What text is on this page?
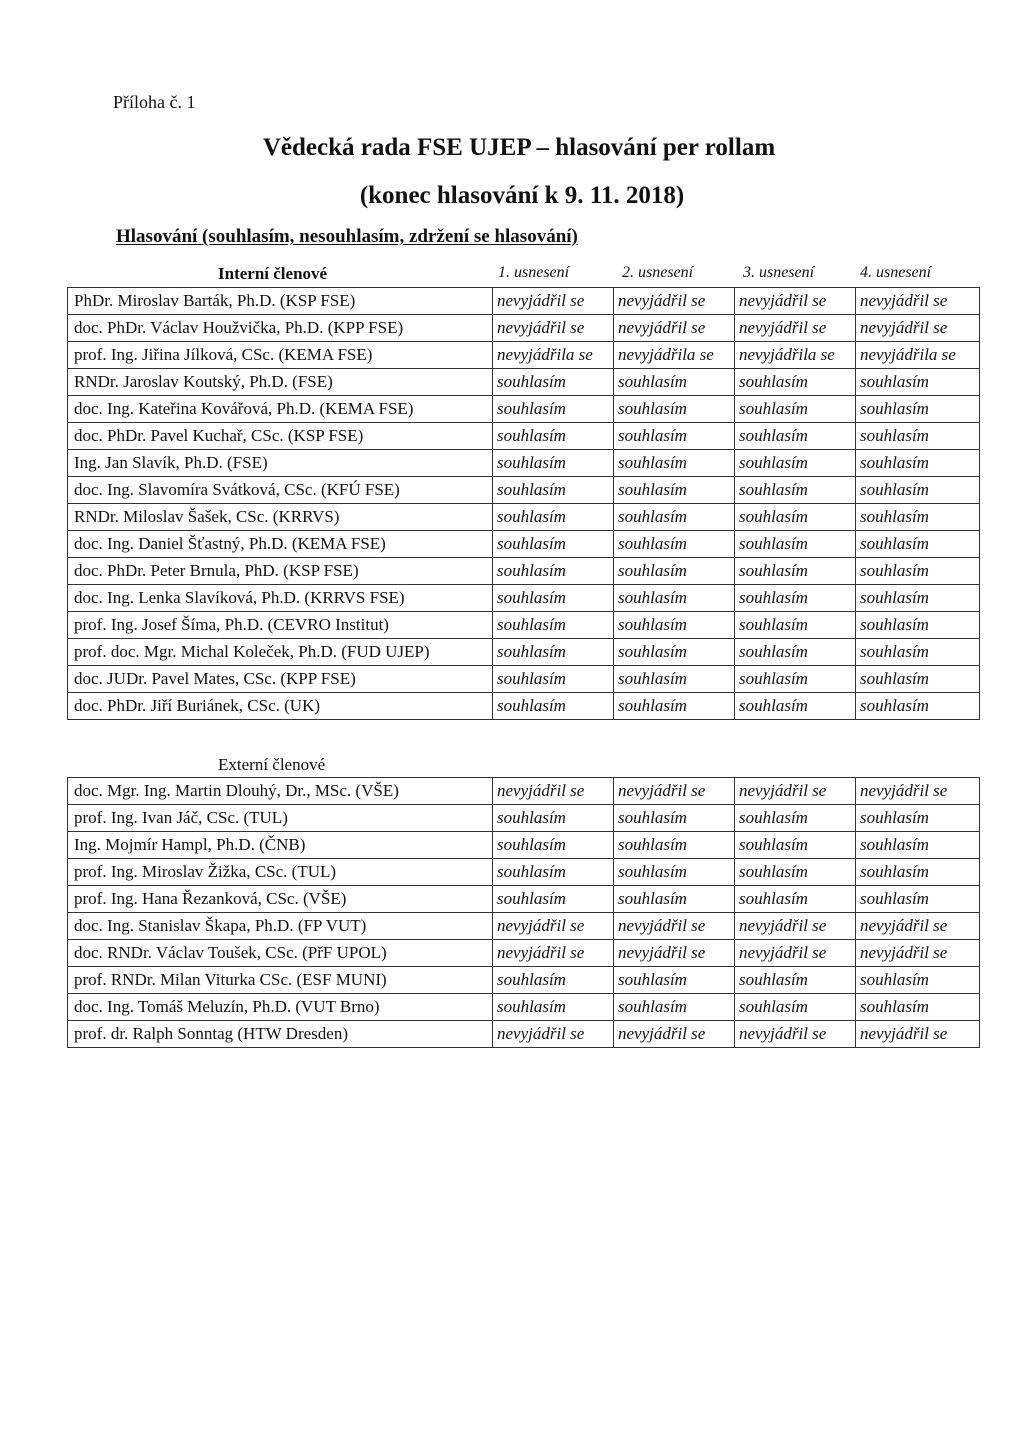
Příloha č. 1
Vědecká rada FSE UJEP – hlasování per rollam
(konec hlasování k 9. 11. 2018)
Hlasování (souhlasím, nesouhlasím, zdržení se hlasování)
Interní členové	1. usnesení	2. usnesení	3. usnesení	4. usnesení
PhDr. Miroslav Barták, Ph.D. (KSP FSE)	nevyjádřil se	nevyjádřil se	nevyjádřil se	nevyjádřil se
doc. PhDr. Václav Houžvička, Ph.D. (KPP FSE)	nevyjádřil se	nevyjádřil se	nevyjádřil se	nevyjádřil se
prof. Ing. Jiřina Jílková, CSc. (KEMA FSE)	nevyjádřila se	nevyjádřila se	nevyjádřila se	nevyjádřila se
RNDr. Jaroslav Koutský, Ph.D. (FSE)	souhlasím	souhlasím	souhlasím	souhlasím
doc. Ing. Kateřina Kovářová, Ph.D. (KEMA FSE)	souhlasím	souhlasím	souhlasím	souhlasím
doc. PhDr. Pavel Kuchař, CSc. (KSP FSE)	souhlasím	souhlasím	souhlasím	souhlasím
Ing. Jan Slavík, Ph.D. (FSE)	souhlasím	souhlasím	souhlasím	souhlasím
doc. Ing. Slavomíra Svátková, CSc. (KFÚ FSE)	souhlasím	souhlasím	souhlasím	souhlasím
RNDr. Miloslav Šašek, CSc. (KRRVS)	souhlasím	souhlasím	souhlasím	souhlasím
doc. Ing. Daniel Šťastný, Ph.D. (KEMA FSE)	souhlasím	souhlasím	souhlasím	souhlasím
doc. PhDr. Peter Brnula, PhD. (KSP FSE)	souhlasím	souhlasím	souhlasím	souhlasím
doc. Ing. Lenka Slavíková, Ph.D. (KRRVS FSE)	souhlasím	souhlasím	souhlasím	souhlasím
prof. Ing. Josef Šíma, Ph.D. (CEVRO Institut)	souhlasím	souhlasím	souhlasím	souhlasím
prof. doc. Mgr. Michal Koleček, Ph.D. (FUD UJEP)	souhlasím	souhlasím	souhlasím	souhlasím
doc. JUDr. Pavel Mates, CSc. (KPP FSE)	souhlasím	souhlasím	souhlasím	souhlasím
doc. PhDr. Jiří Buriánek, CSc. (UK)	souhlasím	souhlasím	souhlasím	souhlasím
Externí členové
doc. Mgr. Ing. Martin Dlouhý, Dr., MSc. (VŠE)	nevyjádřil se	nevyjádřil se	nevyjádřil se	nevyjádřil se
prof. Ing. Ivan Jáč, CSc. (TUL)	souhlasím	souhlasím	souhlasím	souhlasím
Ing. Mojmír Hampl, Ph.D. (ČNB)	souhlasím	souhlasím	souhlasím	souhlasím
prof. Ing. Miroslav Žižka, CSc. (TUL)	souhlasím	souhlasím	souhlasím	souhlasím
prof. Ing. Hana Řezanková, CSc. (VŠE)	souhlasím	souhlasím	souhlasím	souhlasím
doc. Ing. Stanislav Škapa, Ph.D. (FP VUT)	nevyjádřil se	nevyjádřil se	nevyjádřil se	nevyjádřil se
doc. RNDr. Václav Toušek, CSc. (PřF UPOL)	nevyjádřil se	nevyjádřil se	nevyjádřil se	nevyjádřil se
prof. RNDr. Milan Viturka CSc. (ESF MUNI)	souhlasím	souhlasím	souhlasím	souhlasím
doc. Ing. Tomáš Meluzín, Ph.D. (VUT Brno)	souhlasím	souhlasím	souhlasím	souhlasím
prof. dr. Ralph Sonntag (HTW Dresden)	nevyjádřil se	nevyjádřil se	nevyjádřil se	nevyjádřil se
